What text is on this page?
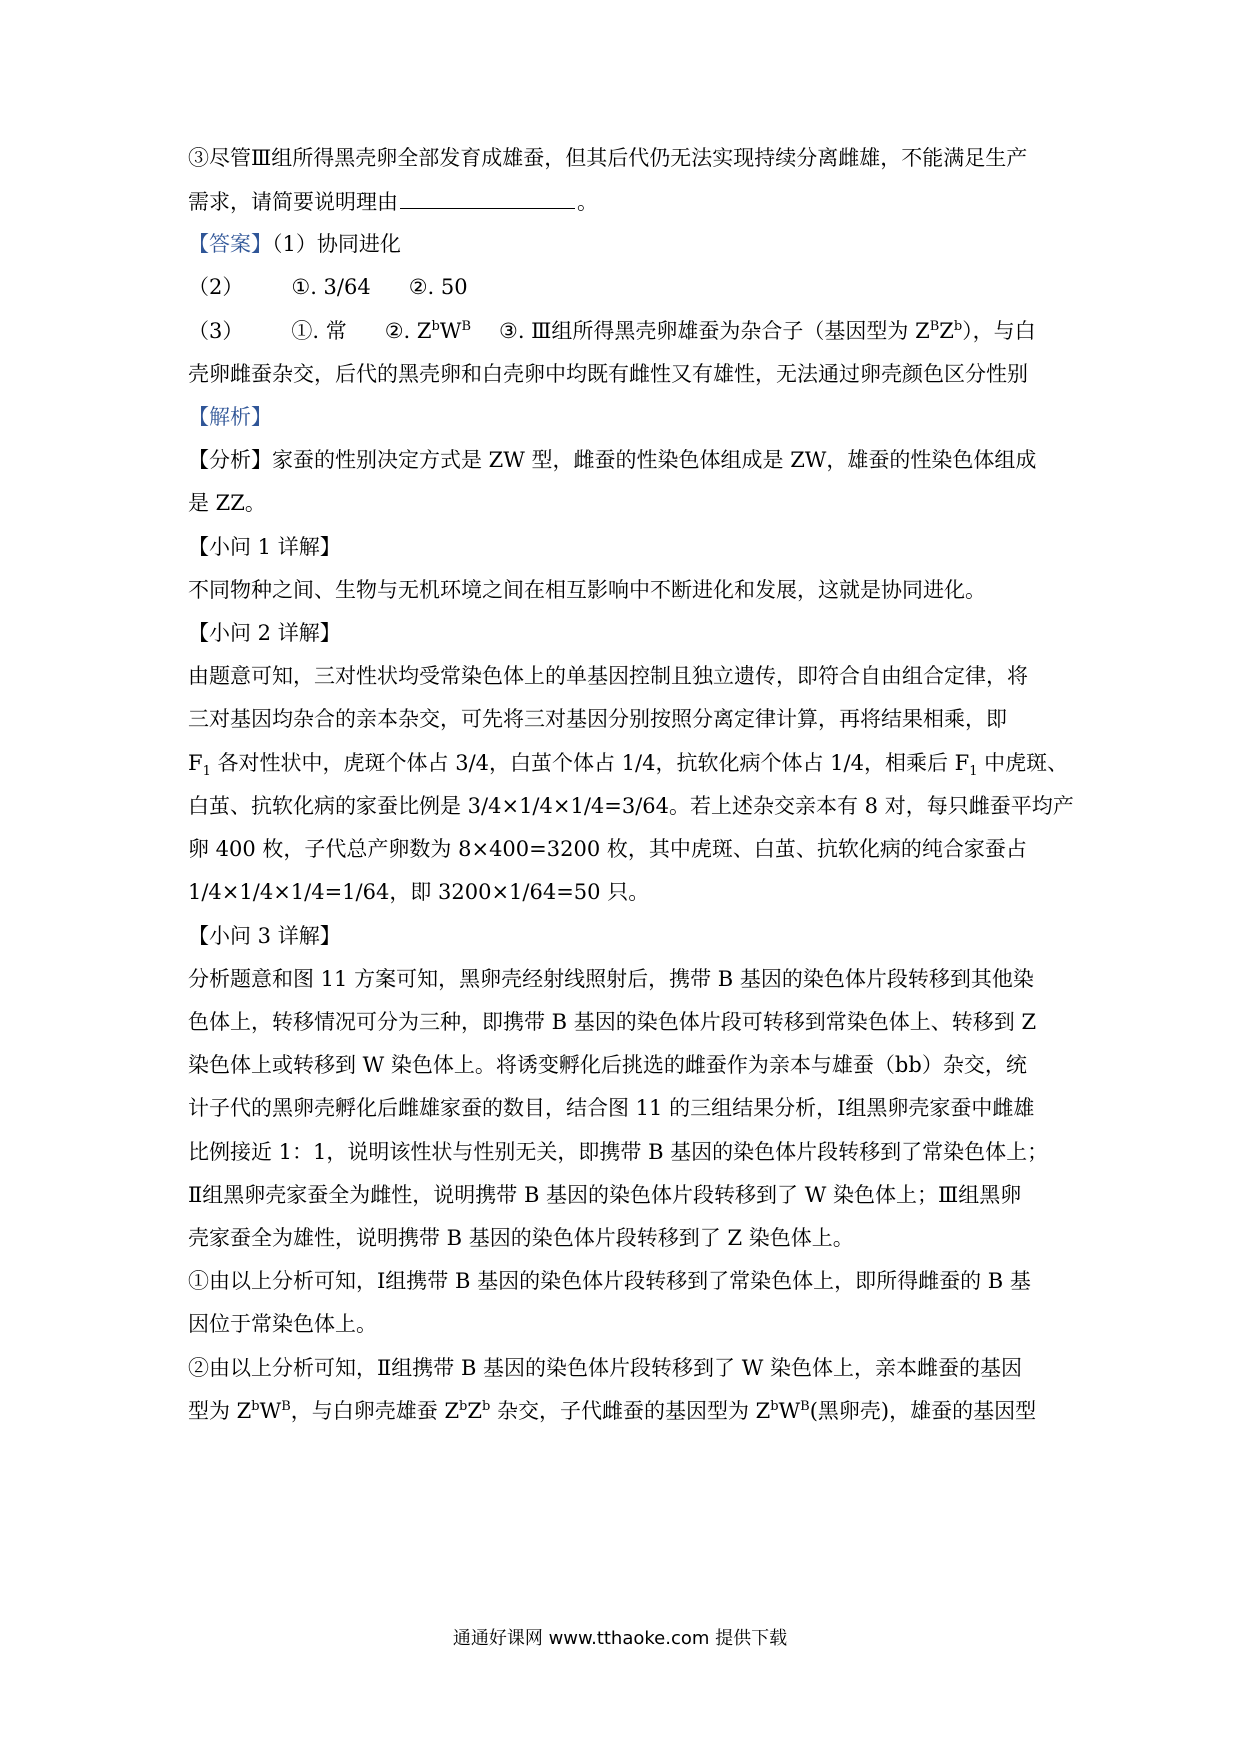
③尽管Ⅲ组所得黑壳卵全部发育成雄蚕，但其后代仍无法实现持续分离雌雄，不能满足生产
需求，请简要说明理由	。
【答案】（1）协同进化
（2） ①. 3/64 ②. 50
（3） ①. 常 ②. $Z^bW^B$ ③. Ⅲ组所得黑壳卵雄蚕为杂合子（基因型为 $Z^BZ^b$），与白
壳卵雌蚕杂交，后代的黑壳卵和白壳卵中均既有雌性又有雄性，无法通过卵壳颜色区分性别
【解析】
【分析】家蚕的性别决定方式是 ZW 型，雌蚕的性染色体组成是 ZW，雄蚕的性染色体组成
是 ZZ。
【小问 1 详解】
不同物种之间、生物与无机环境之间在相互影响中不断进化和发展，这就是协同进化。
【小问 2 详解】
由题意可知，三对性状均受常染色体上的单基因控制且独立遗传，即符合自由组合定律，将
三对基因均杂合的亲本杂交，可先将三对基因分别按照分离定律计算，再将结果相乘，即
$F_1$ 各对性状中，虎斑个体占 3/4，白茧个体占 1/4，抗软化病个体占 1/4，相乘后 $F_1$ 中虎斑、
白茧、抗软化病的家蚕比例是 3/4×1/4×1/4=3/64。若上述杂交亲本有 8 对，每只雌蚕平均产
卵 400 枚，子代总产卵数为 8×400=3200 枚，其中虎斑、白茧、抗软化病的纯合家蚕占
1/4×1/4×1/4=1/64，即 3200×1/64=50 只。
【小问 3 详解】
分析题意和图 11 方案可知，黑卵壳经射线照射后，携带 B 基因的染色体片段转移到其他染
色体上，转移情况可分为三种，即携带 B 基因的染色体片段可转移到常染色体上、转移到 Z
染色体上或转移到 W 染色体上。将诱变孵化后挑选的雌蚕作为亲本与雄蚕（bb）杂交，统
计子代的黑卵壳孵化后雌雄家蚕的数目，结合图 11 的三组结果分析，Ⅰ组黑卵壳家蚕中雌雄
比例接近 1：1，说明该性状与性别无关，即携带 B 基因的染色体片段转移到了常染色体上；
Ⅱ组黑卵壳家蚕全为雌性，说明携带 B 基因的染色体片段转移到了 W 染色体上；Ⅲ组黑卵
壳家蚕全为雄性，说明携带 B 基因的染色体片段转移到了 Z 染色体上。
①由以上分析可知，Ⅰ组携带 B 基因的染色体片段转移到了常染色体上，即所得雌蚕的 B 基
因位于常染色体上。
②由以上分析可知，Ⅱ组携带 B 基因的染色体片段转移到了 W 染色体上，亲本雌蚕的基因
型为 $Z^bW^B$，与白卵壳雄蚕 $Z^bZ^b$ 杂交，子代雌蚕的基因型为 $Z^bW^B$(黑卵壳)，雄蚕的基因型
通通好课网 www.tthaoke.com 提供下载
